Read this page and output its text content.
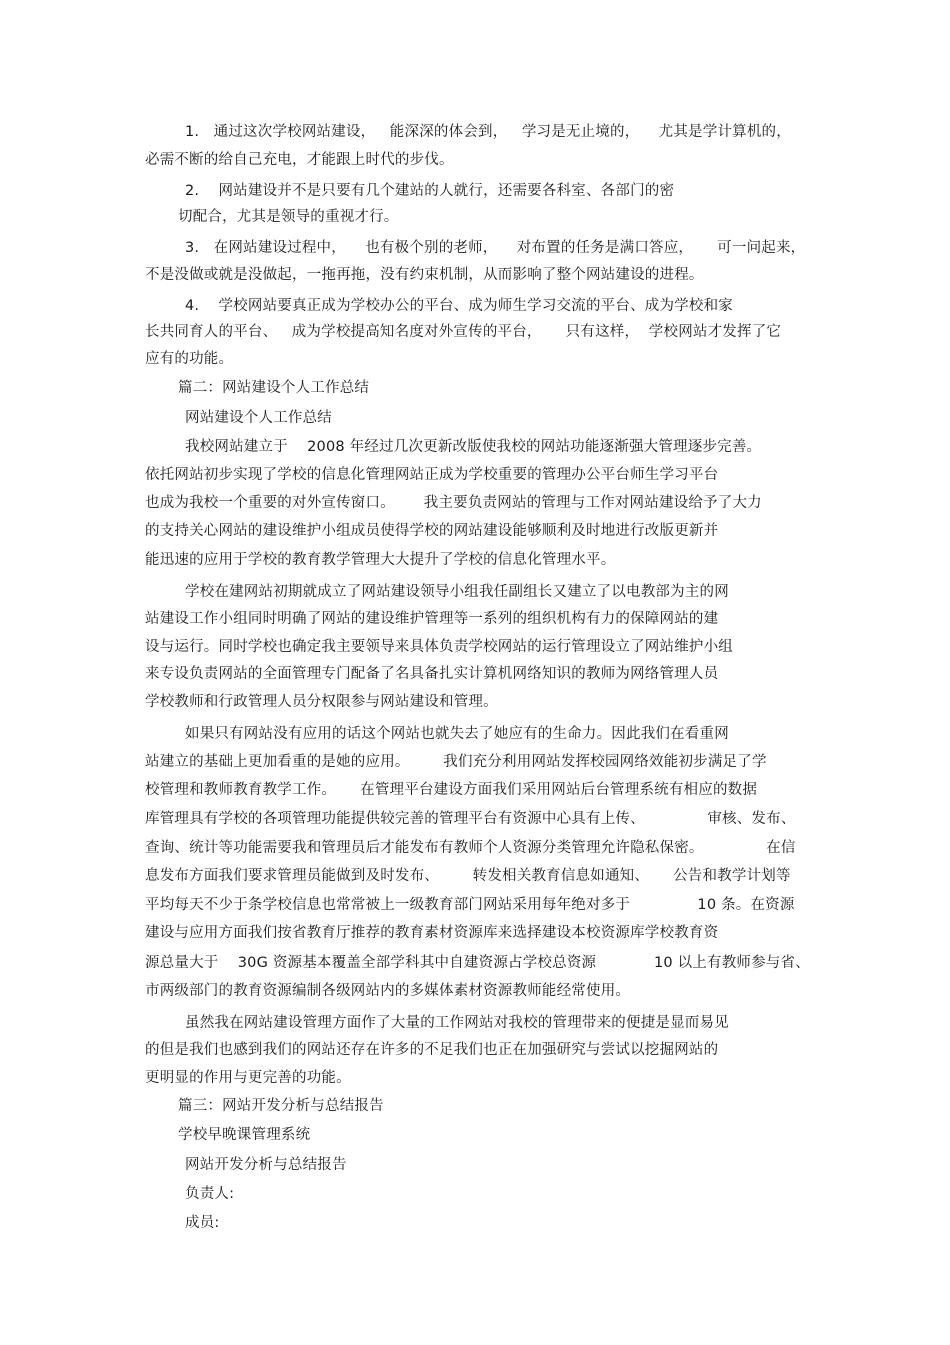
1.   通过这次学校网站建设，   能深深的体会到，   学习是无止境的，    尤其是学计算机的，

必需不断的给自己充电，才能跟上时代的步伐。

2.    网站建设并不是只要有几个建站的人就行，还需要各科室、各部门的密

切配合，尤其是领导的重视才行。

3.   在网站建设过程中，    也有极个别的老师，    对布置的任务是满口答应，     可一问起来，

不是没做或就是没做起，一拖再拖，没有约束机制，从而影响了整个网站建设的进程。

4.    学校网站要真正成为学校办公的平台、成为师生学习交流的平台、成为学校和家

长共同育人的平台、   成为学校提高知名度对外宣传的平台，     只有这样，  学校网站才发挥了它

应有的功能。

篇二：网站建设个人工作总结

网站建设个人工作总结

我校网站建立于    2008 年经过几次更新改版使我校的网站功能逐渐强大管理逐步完善。

依托网站初步实现了学校的信息化管理网站正成为学校重要的管理办公平台师生学习平台

也成为我校一个重要的对外宣传窗口。      我主要负责网站的管理与工作对网站建设给予了大力

的支持关心网站的建设维护小组成员使得学校的网站建设能够顺利及时地进行改版更新并

能迅速的应用于学校的教育教学管理大大提升了学校的信息化管理水平。

学校在建网站初期就成立了网站建设领导小组我任副组长又建立了以电教部为主的网

站建设工作小组同时明确了网站的建设维护管理等一系列的组织机构有力的保障网站的建

设与运行。同时学校也确定我主要领导来具体负责学校网站的运行管理设立了网站维护小组

来专设负责网站的全面管理专门配备了名具备扎实计算机网络知识的教师为网络管理人员

学校教师和行政管理人员分权限参与网站建设和管理。

如果只有网站没有应用的话这个网站也就失去了她应有的生命力。因此我们在看重网

站建立的基础上更加看重的是她的应用。       我们充分利用网站发挥校园网络效能初步满足了学

校管理和教师教育教学工作。     在管理平台建设方面我们采用网站后台管理系统有相应的数据

库管理具有学校的各项管理功能提供较完善的管理平台有资源中心具有上传、             审核、发布、

查询、统计等功能需要我和管理员后才能发布有教师个人资源分类管理允许隐私保密。             在信

息发布方面我们要求管理员能做到及时发布、       转发相关教育信息如通知、     公告和教学计划等

平均每天不少于条学校信息也常常被上一级教育部门网站采用每年绝对多于              10 条。在资源

建设与应用方面我们按省教育厅推荐的教育素材资源库来选择建设本校资源库学校教育资

源总量大于    30G 资源基本覆盖全部学科其中自建资源占学校总资源            10 以上有教师参与省、

市两级部门的教育资源编制各级网站内的多媒体素材资源教师能经常使用。

虽然我在网站建设管理方面作了大量的工作网站对我校的管理带来的便捷是显而易见

的但是我们也感到我们的网站还存在许多的不足我们也正在加强研究与尝试以挖掘网站的

更明显的作用与更完善的功能。

篇三：网站开发分析与总结报告

学校早晚课管理系统

网站开发分析与总结报告

负责人:

成员:
